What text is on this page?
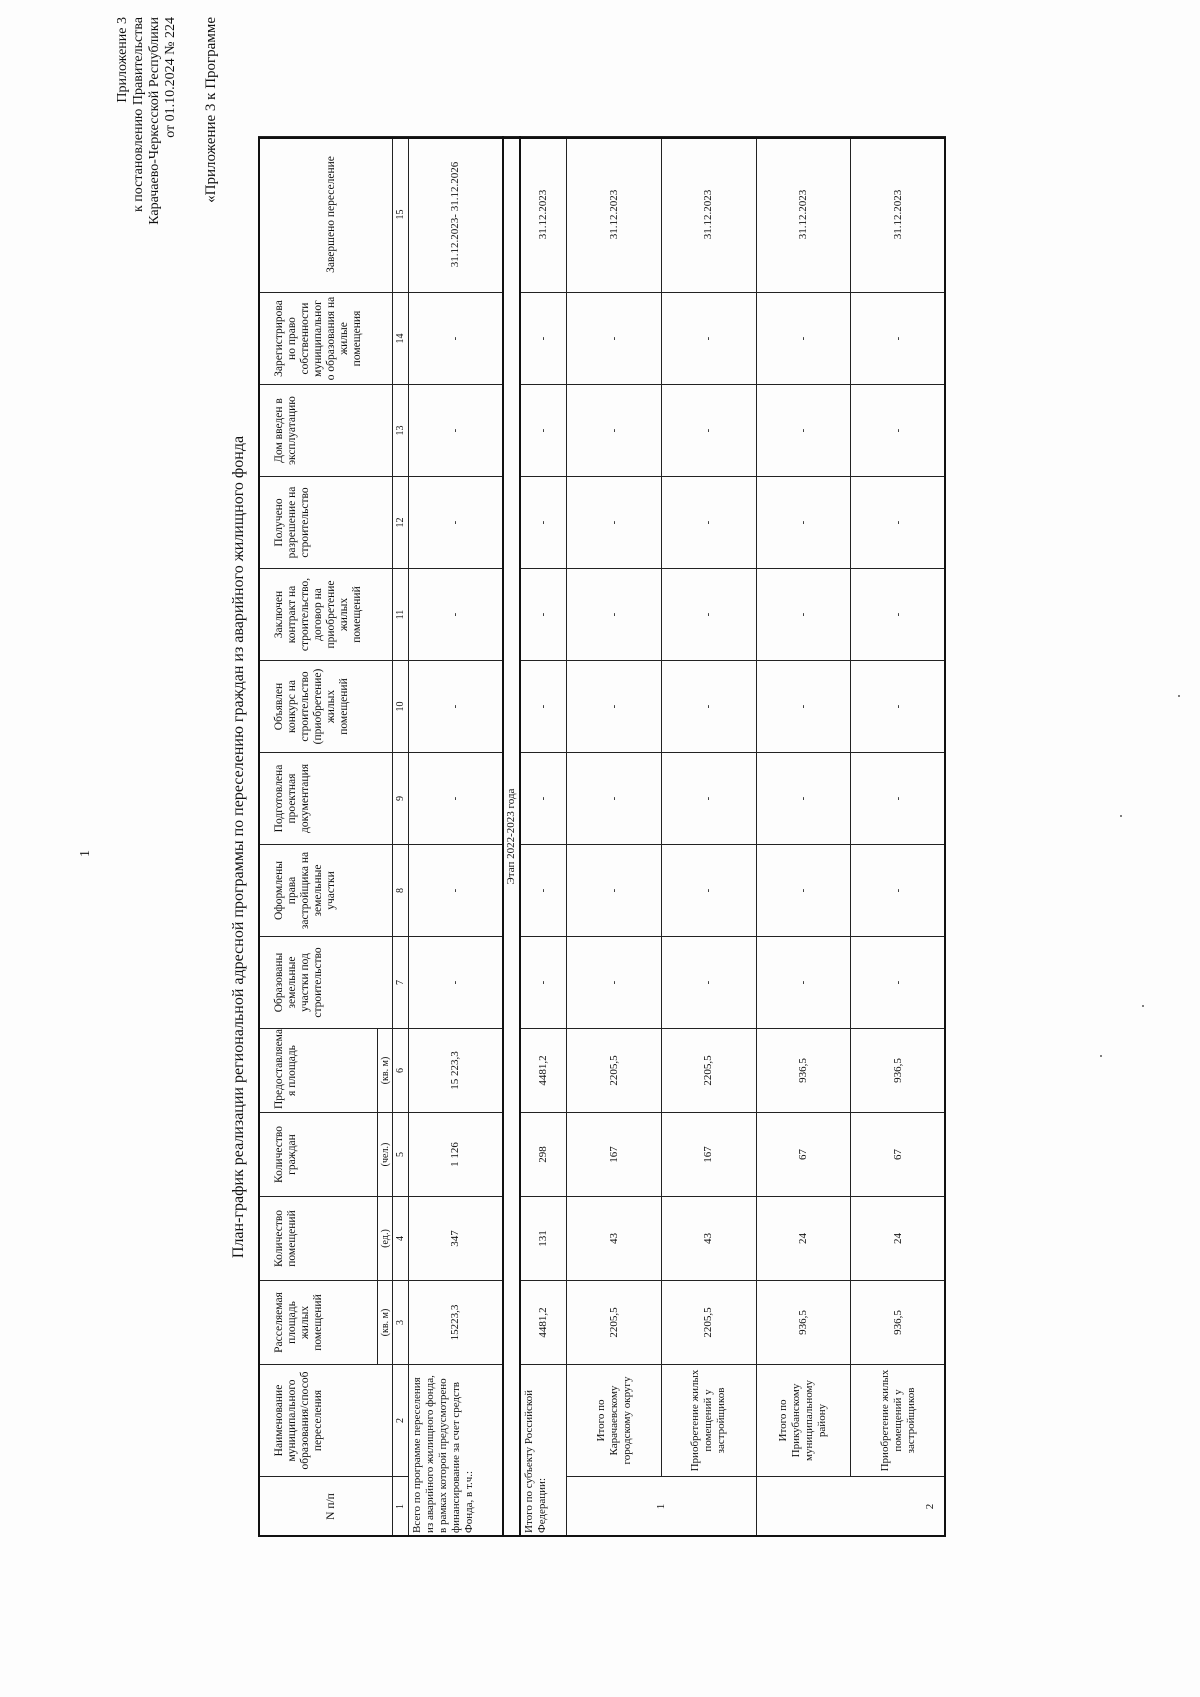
1
Приложение 3 к постановлению Правительства Карачаево-Черкесской Республики от 01.10.2024 № 224 «Приложение 3 к Программе
План-график реализации региональной адресной программы по переселению граждан из аварийного жилищного фонда
N п/п	Наименование муниципального образования/способ переселения	Расселяемая площадь жилых помещений	Количество помещений	Количество граждан	Предоставляема я площадь	Образованы земельные участки под строительство	Оформлены права застройщика на земельные участки	Подготовлена проектная документация	Объявлен конкурс на строительство (приобретение) жилых помещений	Заключен контракт на строительство, договор на приобретение жилых помещений	Получено разрешение на строительство	Дом введен в эксплуатацию	Зарегистрирова но право собственности муниципальног о образования на жилые помещения	Завершено переселение
		(кв. м)	(ед.)	(чел.)	(кв. м)									
1	2	3	4	5	6	7	8	9	10	11	12	13	14	15
Всего по программе переселения из аварийного жилищного фонда, в рамках которой предусмотрено финансирование за счет средств Фонда, в т.ч.:		15223,3	347	1 126	15 223,3	-	-	-	-	-	-	-	-	31.12.2023- 31.12.2026
Этап 2022-2023 года														
Итого по субъекту Российской Федерации:		4481,2	131	298	4481,2	-	-	-	-	-	-	-	-	31.12.2023
1	Итого по Карачаевскому городскому округу	2205,5	43	167	2205,5	-	-	-	-	-	-	-	-	31.12.2023
	Приобретение жилых помещений у застройщиков	2205,5	43	167	2205,5	-	-	-	-	-	-	-	-	31.12.2023
2	Итого по Прикубанскому муниципальному району	936,5	24	67	936,5	-	-	-	-	-	-	-	-	31.12.2023
	Приобретение жилых помещений у застройщиков	936,5	24	67	936,5	-	-	-	-	-	-	-	-	31.12.2023
